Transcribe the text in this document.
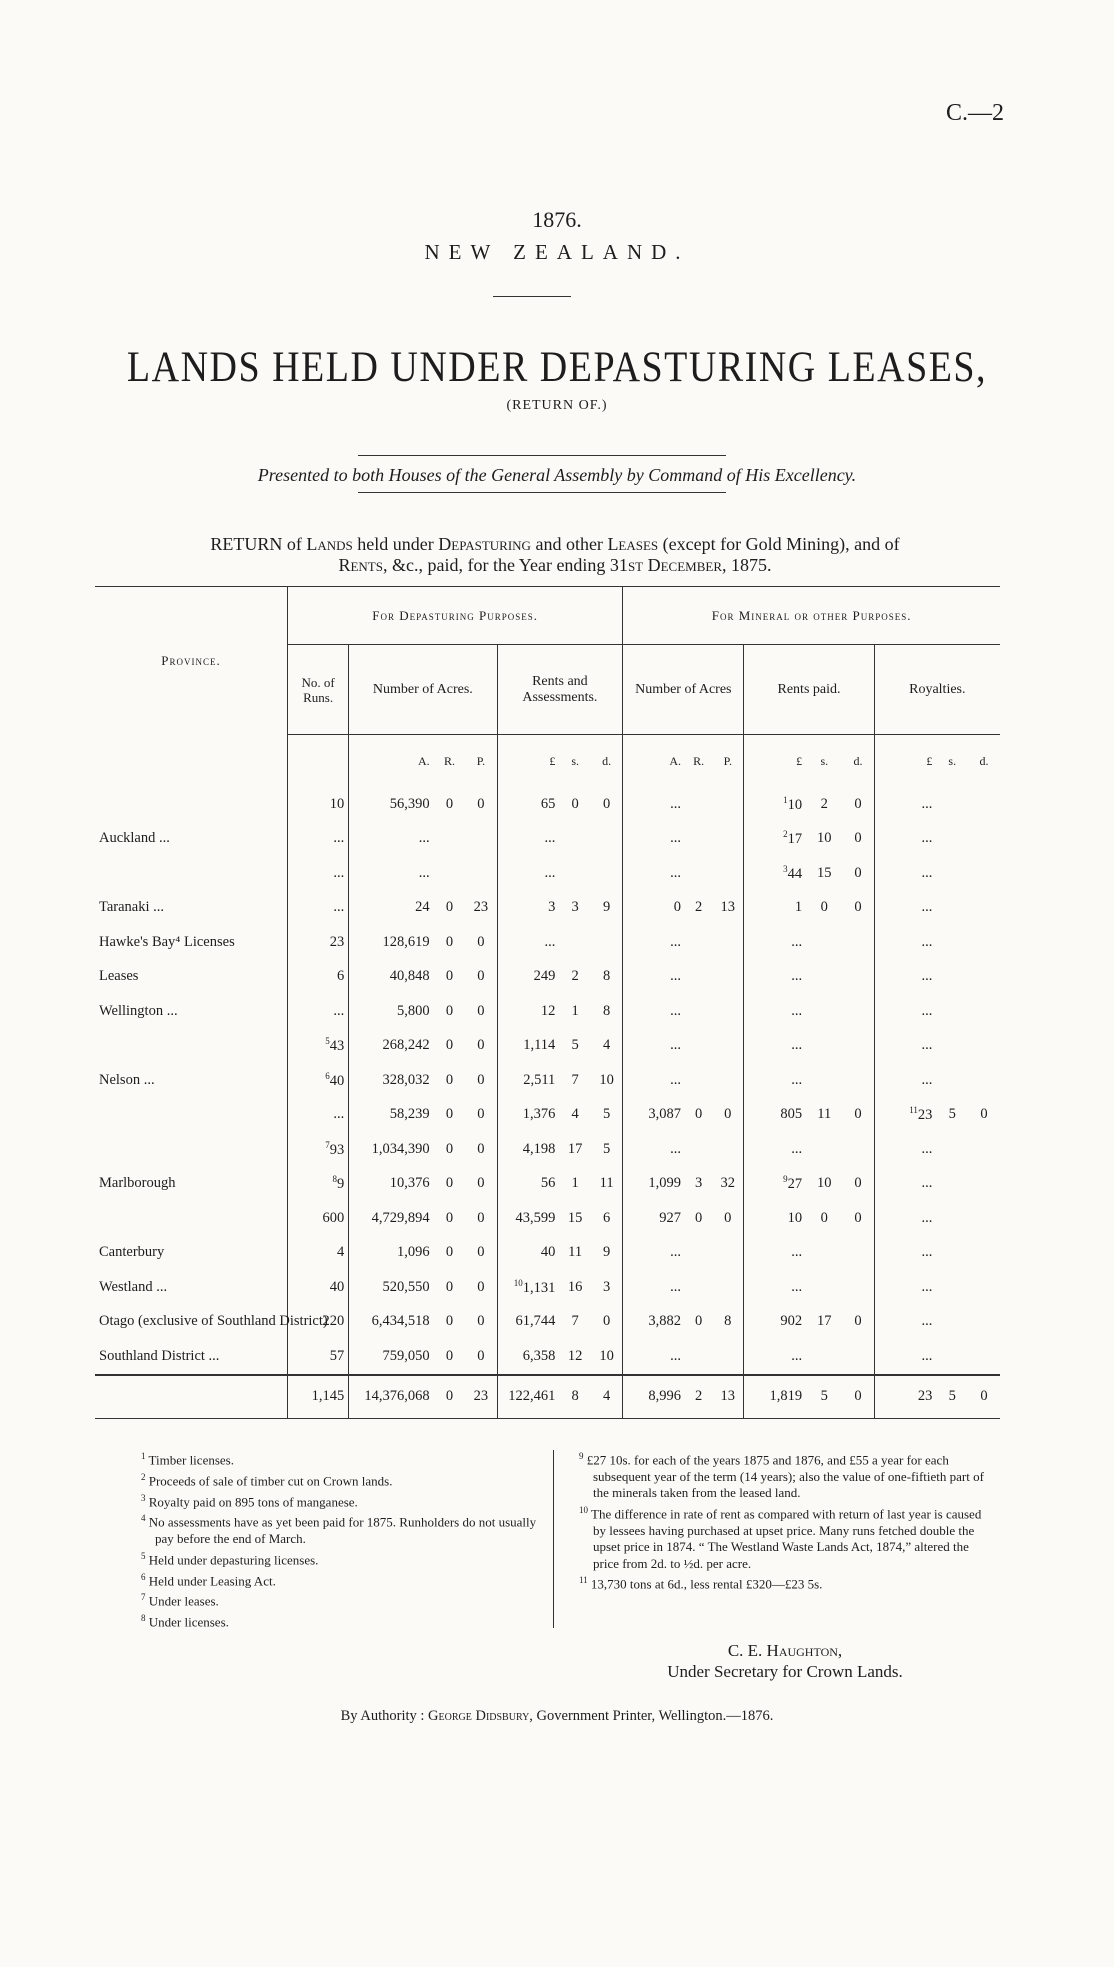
C.—2
1876.
NEW ZEALAND.
LANDS HELD UNDER DEPASTURING LEASES,
(RETURN OF.)
Presented to both Houses of the General Assembly by Command of His Excellency.
RETURN of Lands held under Depasturing and other Leases (except for Gold Mining), and of
Rents, &c., paid, for the Year ending 31st December, 1875.
Province.	For Depasturing Purposes.							For Mineral or other Purposes.								
	No. of Runs.	Number of Acres.			Rents and Assessments.			Number of Acres			Rents paid.			Royalties.		
		A.	R.	P.	£	s.	d.	A.	R.	P.	£	s.	d.	£	s.	d.
	10	56,390	0	0	65	0	0	...			$^1$10	2	0	...		
Auckland ...	...	...			...			...			$^2$17	10	0	...		
	...	...			...			...			$^3$44	15	0	...		
Taranaki ...	...	24	0	23	3	3	9	0	2	13	1	0	0	...		
Hawke's Bay⁴ Licenses	23	128,619	0	0	...			...			...			...		
Leases	6	40,848	0	0	249	2	8	...			...			...		
Wellington ...	...	5,800	0	0	12	1	8	...			...			...		
	$^5$43	268,242	0	0	1,114	5	4	...			...			...		
Nelson ...	$^6$40	328,032	0	0	2,511	7	10	...			...			...		
	...	58,239	0	0	1,376	4	5	3,087	0	0	805	11	0	$^{11}$23	5	0
	$^7$93	1,034,390	0	0	4,198	17	5	...			...			...		
Marlborough	$^8$9	10,376	0	0	56	1	11	1,099	3	32	$^9$27	10	0	...		
	600	4,729,894	0	0	43,599	15	6	927	0	0	10	0	0	...		
Canterbury	4	1,096	0	0	40	11	9	...			...			...		
Westland ...	40	520,550	0	0	$^{10}$1,131	16	3	...			...			...		
Otago (exclusive of Southland District)	220	6,434,518	0	0	61,744	7	0	3,882	0	8	902	17	0	...		
Southland District ...	57	759,050	0	0	6,358	12	10	...			...			...		
	1,145	14,376,068	0	23	122,461	8	4	8,996	2	13	1,819	5	0	23	5	0
$^1$ Timber licenses.
$^2$ Proceeds of sale of timber cut on Crown lands.
$^3$ Royalty paid on 895 tons of manganese.
$^4$ No assessments have as yet been paid for 1875. Runholders do not usually pay before the end of March.
$^5$ Held under depasturing licenses.
$^6$ Held under Leasing Act.
$^7$ Under leases.
$^8$ Under licenses.
$^9$ £27 10s. for each of the years 1875 and 1876, and £55 a year for each subsequent year of the term (14 years); also the value of one-fiftieth part of the minerals taken from the leased land.
$^{10}$ The difference in rate of rent as compared with return of last year is caused by lessees having purchased at upset price. Many runs fetched double the upset price in 1874. “ The Westland Waste Lands Act, 1874,” altered the price from 2d. to ½d. per acre.
$^{11}$ 13,730 tons at 6d., less rental £320—£23 5s.
C. E. Haughton,
Under Secretary for Crown Lands.
By Authority : George Didsbury, Government Printer, Wellington.—1876.
